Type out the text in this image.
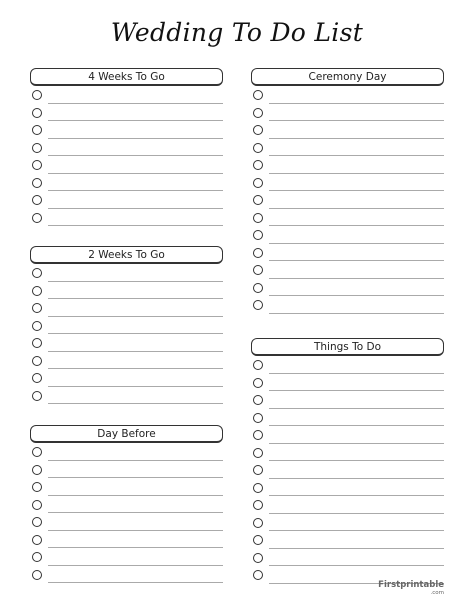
Wedding To Do List
4 Weeks To Go
2 Weeks To Go
Day Before
Ceremony Day
Things To Do
Firstprintable
.com
